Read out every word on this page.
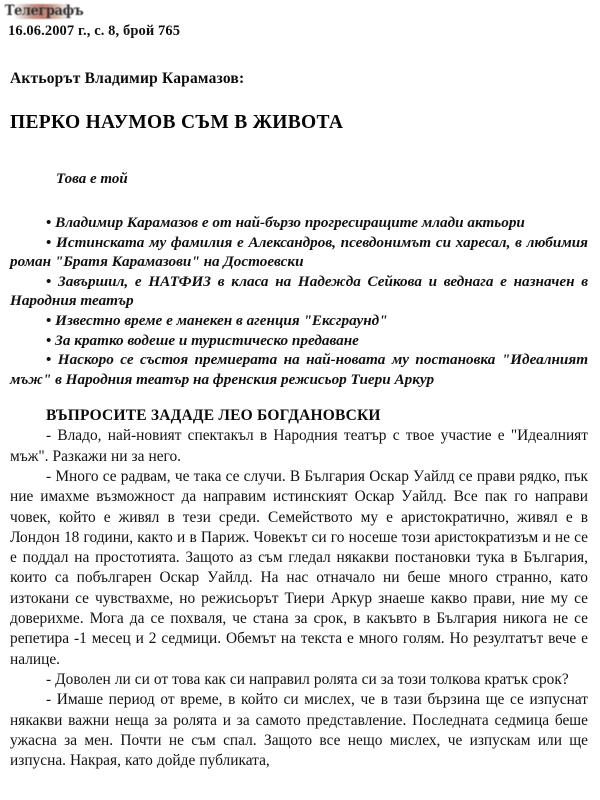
Телеграфъ
16.06.2007 г., с. 8, брой 765
Актьорът Владимир Карамазов:
ПЕРКО НАУМОВ СЪМ В ЖИВОТА
Това е той

• Владимир Карамазов е от най-бързо прогресиращите млади актьори

• Истинската му фамилия е Александров, псевдонимът си харесал, в любимия роман "Братя Карамазови" на Достоевски

• Завършил, е НАТФИЗ в класа на Надежда Сейкова и веднага е назначен в Народния театър

• Известно време е манекен в агенция "Ексграунд"

• За кратко водеше и туристическо предаване

• Наскоро се състоя премиерата на най-новата му постановка "Идеалният мъж" в Народния театър на френския режисьор Тиери Аркур

ВЪПРОСИТЕ ЗАДАДЕ ЛЕО БОГДАНОВСКИ

- Владо, най-новият спектакъл в Народния театър с твое участие е "Идеалният мъж". Разкажи ни за него.

- Много се радвам, че така се случи. В България Оскар Уайлд се прави рядко, пък ние имахме възможност да направим истинският Оскар Уайлд. Все пак го направи човек, който е живял в тези среди. Семейството му е аристократично, живял е в Лондон 18 години, както и в Париж. Човекът си го носеше този аристократизъм и не се е поддал на простотията. Защото аз съм гледал някакви постановки тука в България, които са побългарен Оскар Уайлд. На нас отначало ни беше много странно, като изтокани се чувствахме, но режисьорът Тиери Аркур знаеше какво прави, ние му се доверихме. Мога да се похваля, че стана за срок, в какъвто в България никога не се репетира -1 месец и 2 седмици. Обемът на текста е много голям. Но резултатът вече е налице.

- Доволен ли си от това как си направил ролята си за този толкова кратък срок?

- Имаше период от време, в който си мислех, че в тази бързина ще се изпуснат някакви важни неща за ролята и за самото представление. Последната седмица беше ужасна за мен. Почти не съм спал. Защото все нещо мислех, че изпускам или ще изпусна. Накрая, като дойде публиката,
